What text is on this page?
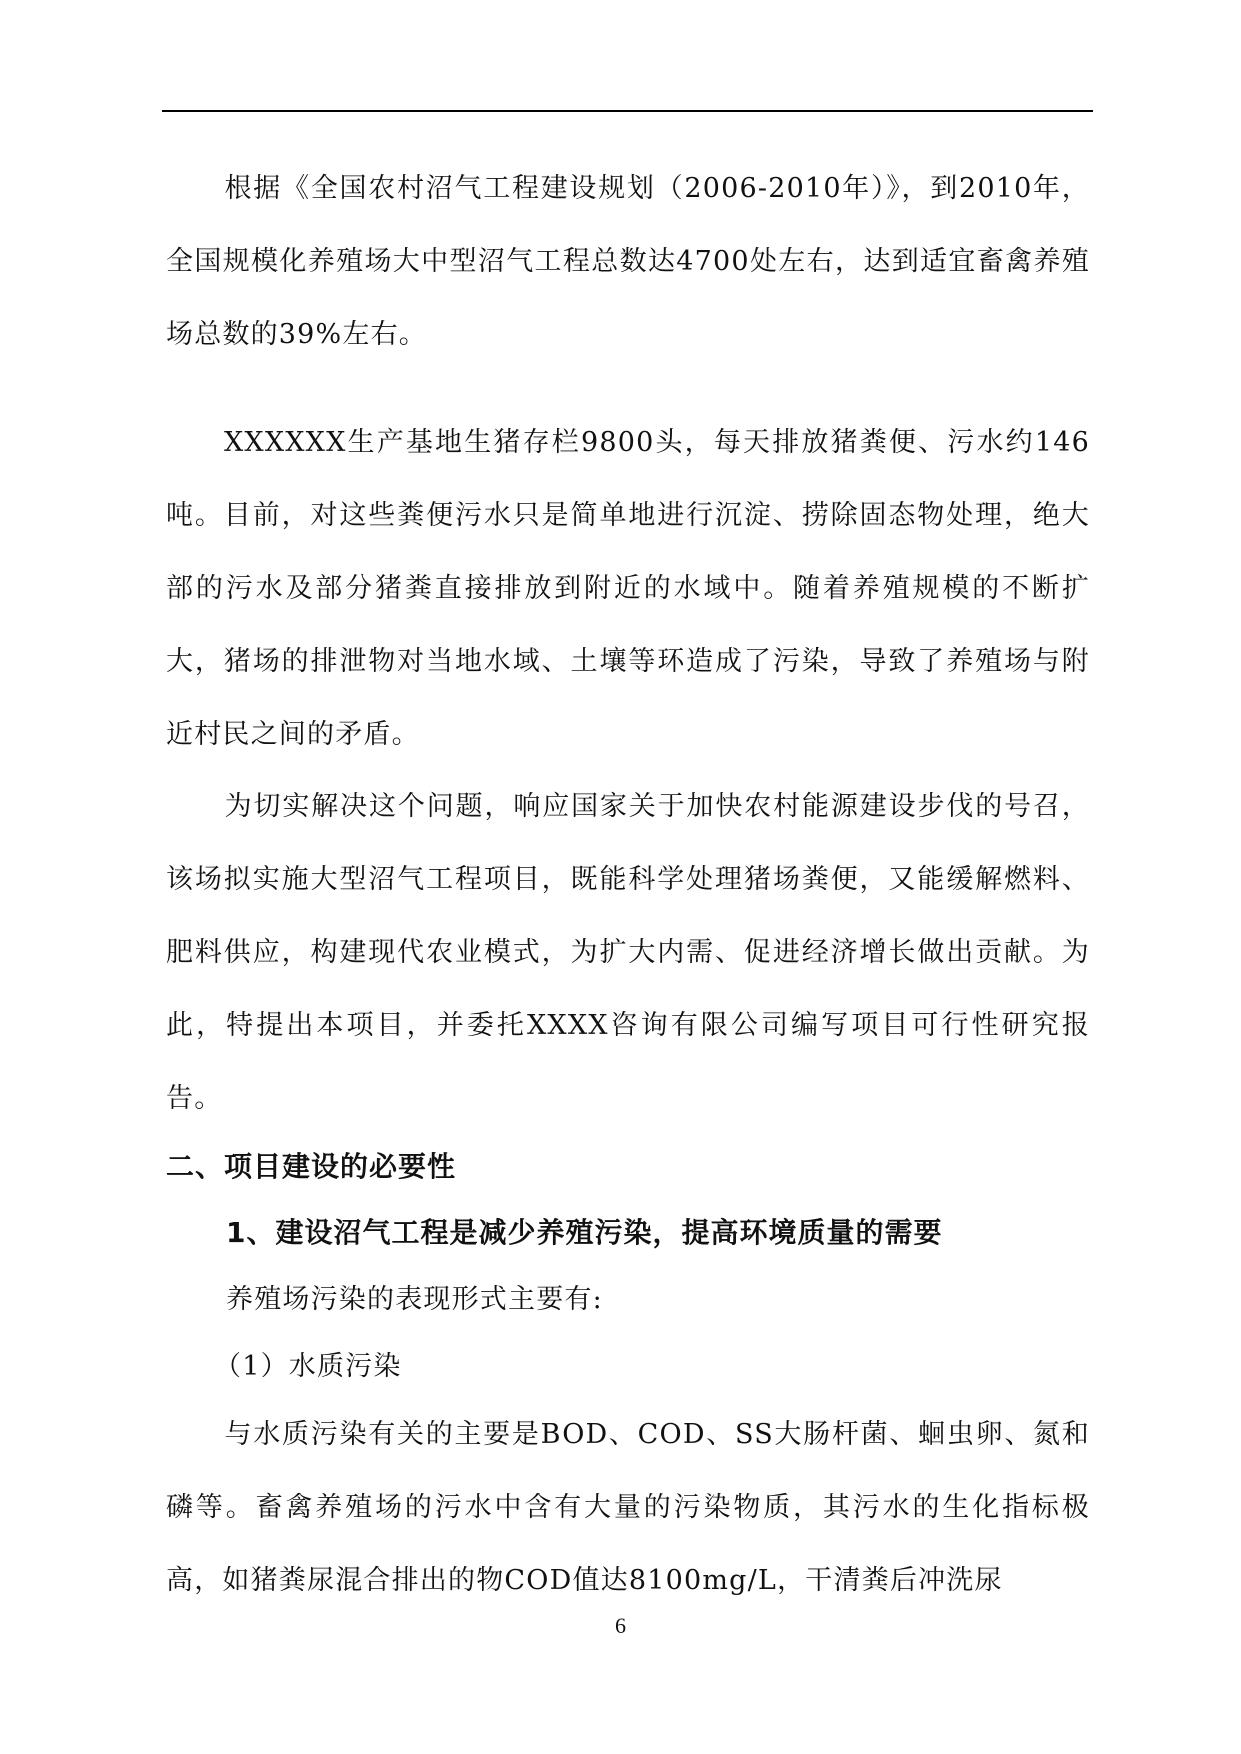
根据《全国农村沼气工程建设规划（2006-2010年）》，到2010年，全国规模化养殖场大中型沼气工程总数达4700处左右，达到适宜畜禽养殖场总数的39%左右。

XXXXXX生产基地生猪存栏9800头，每天排放猪粪便、污水约146吨。目前，对这些粪便污水只是简单地进行沉淀、捞除固态物处理，绝大部的污水及部分猪粪直接排放到附近的水域中。随着养殖规模的不断扩大，猪场的排泄物对当地水域、土壤等环造成了污染，导致了养殖场与附近村民之间的矛盾。

为切实解决这个问题，响应国家关于加快农村能源建设步伐的号召，该场拟实施大型沼气工程项目，既能科学处理猪场粪便，又能缓解燃料、肥料供应，构建现代农业模式，为扩大内需、促进经济增长做出贡献。为此，特提出本项目，并委托XXXX咨询有限公司编写项目可行性研究报告。

二、项目建设的必要性
1、建设沼气工程是减少养殖污染，提高环境质量的需要

养殖场污染的表现形式主要有:

（1）水质污染

与水质污染有关的主要是BOD、COD、SS大肠杆菌、蛔虫卵、氮和磷等。畜禽养殖场的污水中含有大量的污染物质，其污水的生化指标极高，如猪粪尿混合排出的物COD值达8100mg/L，干清粪后冲洗尿

6
